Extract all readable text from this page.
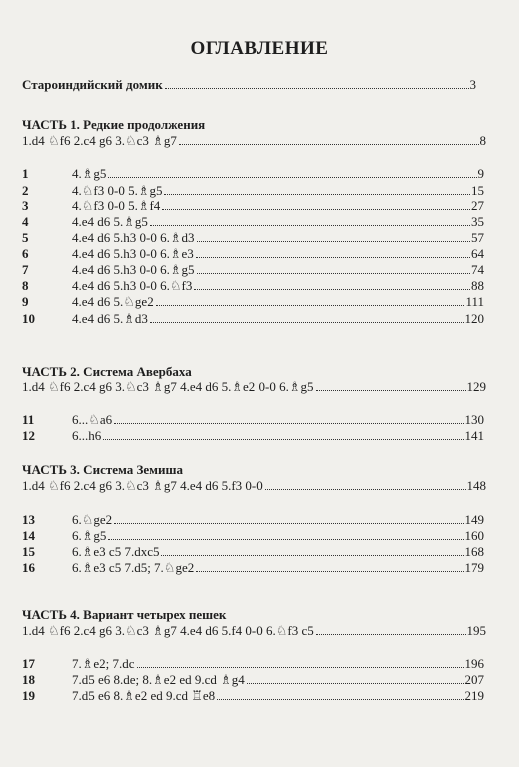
ОГЛАВЛЕНИЕ
Староиндийский домик	3
ЧАСТЬ 1. Редкие продолжения
1.d4 ♘f6 2.c4 g6 3.♘c3 ♗g7	8
1	4.♗g5	9
2	4.♘f3 0-0 5.♗g5	15
3	4.♘f3 0-0 5.♗f4	27
4	4.e4 d6 5.♗g5	35
5	4.e4 d6 5.h3 0-0 6.♗d3	57
6	4.e4 d6 5.h3 0-0 6.♗e3	64
7	4.e4 d6 5.h3 0-0 6.♗g5	74
8	4.e4 d6 5.h3 0-0 6.♘f3	88
9	4.e4 d6 5.♘ge2	111
10	4.e4 d6 5.♗d3	120
ЧАСТЬ 2. Система Авербаха
1.d4 ♘f6 2.c4 g6 3.♘c3 ♗g7 4.e4 d6 5.♗e2 0-0 6.♗g5	129
11	6...♘a6	130
12	6...h6	141
ЧАСТЬ 3. Система Земиша
1.d4 ♘f6 2.c4 g6 3.♘c3 ♗g7 4.e4 d6 5.f3 0-0	148
13	6.♘ge2	149
14	6.♗g5	160
15	6.♗e3 c5 7.dxc5	168
16	6.♗e3 c5 7.d5; 7.♘ge2	179
ЧАСТЬ 4. Вариант четырех пешек
1.d4 ♘f6 2.c4 g6 3.♘c3 ♗g7 4.e4 d6 5.f4 0-0 6.♘f3 c5	195
17	7.♗e2; 7.dc	196
18	7.d5 e6 8.de; 8.♗e2 ed 9.cd ♗g4	207
19	7.d5 e6 8.♗e2 ed 9.cd ♖e8	219
